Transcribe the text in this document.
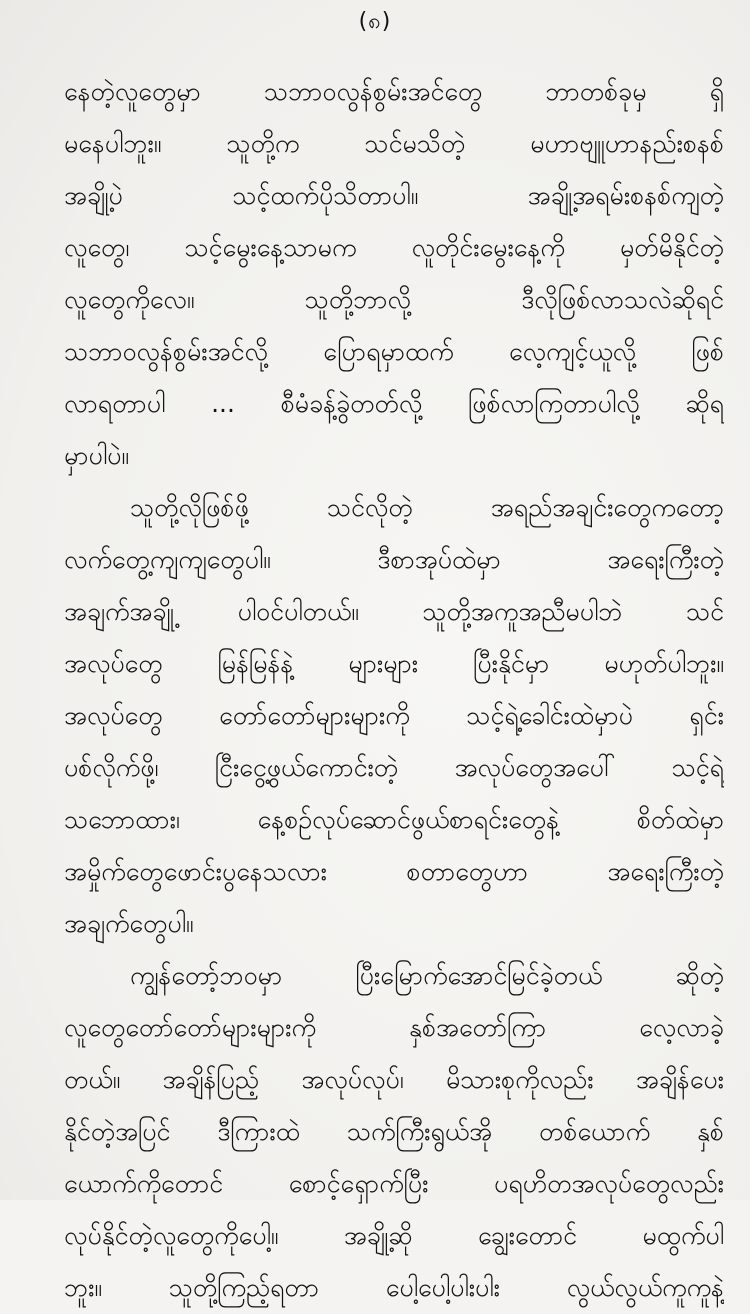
(၈)
နေတဲ့လူတွေမှာ သဘာဝလွန်စွမ်းအင်တွေ ဘာတစ်ခုမှ ရှိ
မနေပါဘူး။ သူတို့က သင်မသိတဲ့ မဟာဗျူဟာနည်းစနစ်
အချို့ပဲ သင့်ထက်ပိုသိတာပါ။ အချို့အရမ်းစနစ်ကျတဲ့
လူတွေ၊ သင့်မွေးနေ့သာမက လူတိုင်းမွေးနေ့ကို မှတ်မိနိုင်တဲ့
လူတွေကိုလေ။ သူတို့ဘာလို့ ဒီလိုဖြစ်လာသလဲဆိုရင်
သဘာဝလွန်စွမ်းအင်လို့ ပြောရမှာထက် လေ့ကျင့်ယူလို့ ဖြစ်
လာရတာပါ ... စီမံခန့်ခွဲတတ်လို့ ဖြစ်လာကြတာပါလို့ ဆိုရ
မှာပါပဲ။
သူတို့လိုဖြစ်ဖို့ သင်လိုတဲ့ အရည်အချင်းတွေကတော့
လက်တွေ့ကျကျတွေပါ။ ဒီစာအုပ်ထဲမှာ အရေးကြီးတဲ့
အချက်အချို့ ပါဝင်ပါတယ်။ သူတို့အကူအညီမပါဘဲ သင်
အလုပ်တွေ မြန်မြန်နဲ့ များများ ပြီးနိုင်မှာ မဟုတ်ပါဘူး။
အလုပ်တွေ တော်တော်များများကို သင့်ရဲ့ခေါင်းထဲမှာပဲ ရှင်း
ပစ်လိုက်ဖို့၊ ငြီးငွေ့ဖွယ်ကောင်းတဲ့ အလုပ်တွေအပေါ် သင့်ရဲ့
သဘောထား၊ နေ့စဉ်လုပ်ဆောင်ဖွယ်စာရင်းတွေနဲ့ စိတ်ထဲမှာ
အမှိုက်တွေဖောင်းပွနေသလား စတာတွေဟာ အရေးကြီးတဲ့
အချက်တွေပါ။
ကျွန်တော့်ဘဝမှာ ပြီးမြောက်အောင်မြင်ခဲ့တယ် ဆိုတဲ့
လူတွေတော်တော်များများကို နှစ်အတော်ကြာ လေ့လာခဲ့
တယ်။ အချိန်ပြည့် အလုပ်လုပ်၊ မိသားစုကိုလည်း အချိန်ပေး
နိုင်တဲ့အပြင် ဒီကြားထဲ သက်ကြီးရွယ်အို တစ်ယောက် နှစ်
ယောက်ကိုတောင် စောင့်ရှောက်ပြီး ပရဟိတအလုပ်တွေလည်း
လုပ်နိုင်တဲ့လူတွေကိုပေါ့။ အချို့ဆို ချွေးတောင် မထွက်ပါ
ဘူး။ သူတို့ကြည့်ရတာ ပေါ့ပေါ့ပါးပါး လွယ်လွယ်ကူကူနဲ့
